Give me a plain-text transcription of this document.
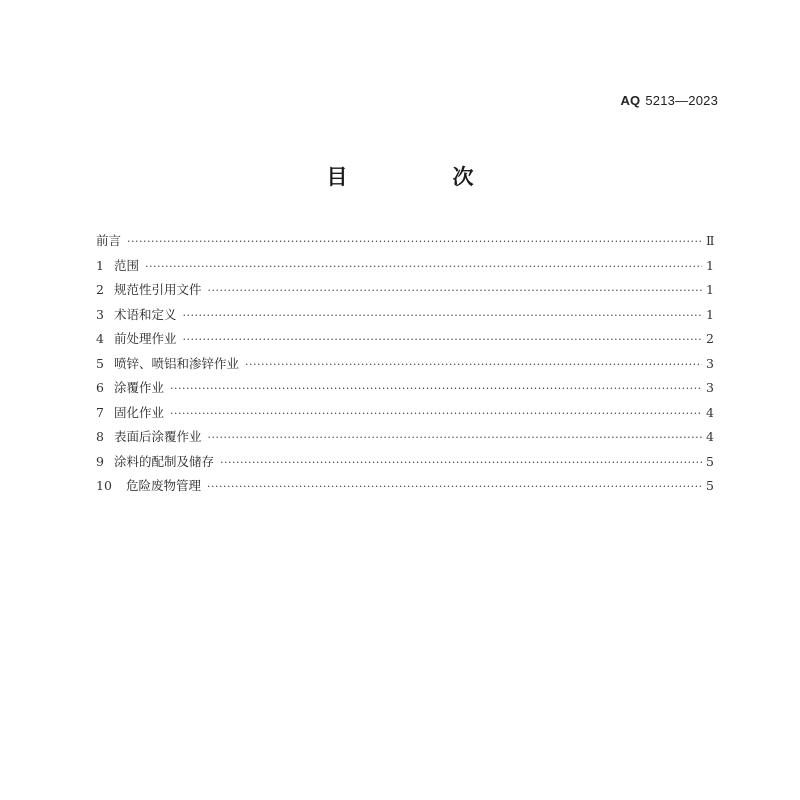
AQ 5213—2023
目　次
前言 ·····	Ⅱ
1 范围 ·····	1
2 规范性引用文件 ·····	1
3 术语和定义 ·····	1
4 前处理作业 ·····	2
5 喷锌、喷铝和渗锌作业 ·····	3
6 涂覆作业 ·····	3
7 固化作业 ·····	4
8 表面后涂覆作业 ·····	4
9 涂料的配制及储存 ·····	5
10	危险废物管理 ·····	5
